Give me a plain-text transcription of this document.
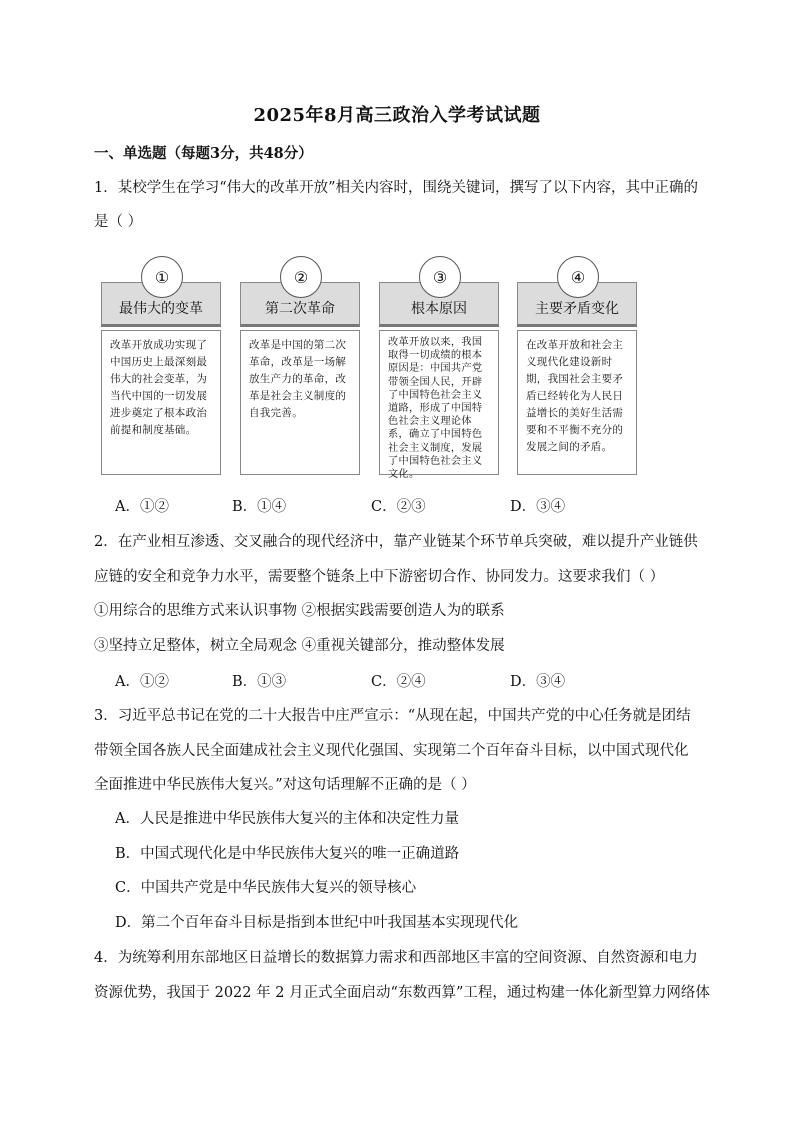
2025年8月高三政治入学考试试题
一、单选题（每题3分，共48分）
1．某校学生在学习“伟大的改革开放”相关内容时，围绕关键词，撰写了以下内容，其中正确的
是（ ）
①
最伟大的变革
改革开放成功实现了中国历史上最深刻最伟大的社会变革，为当代中国的一切发展进步奠定了根本政治前提和制度基础。
②
第二次革命
改革是中国的第二次革命，改革是一场解放生产力的革命，改革是社会主义制度的自我完善。
③
根本原因
改革开放以来，我国取得一切成绩的根本原因是：中国共产党带领全国人民，开辟了中国特色社会主义道路，形成了中国特色社会主义理论体系，确立了中国特色社会主义制度，发展了中国特色社会主义文化。
④
主要矛盾变化
在改革开放和社会主义现代化建设新时期，我国社会主要矛盾已经转化为人民日益增长的美好生活需要和不平衡不充分的发展之间的矛盾。
A．①②	B．①④	C．②③	D．③④
2．在产业相互渗透、交叉融合的现代经济中，靠产业链某个环节单兵突破，难以提升产业链供
应链的安全和竞争力水平，需要整个链条上中下游密切合作、协同发力。这要求我们（ ）
①用综合的思维方式来认识事物 ②根据实践需要创造人为的联系
③坚持立足整体，树立全局观念 ④重视关键部分，推动整体发展
A．①②	B．①③	C．②④	D．③④
3．习近平总书记在党的二十大报告中庄严宣示：“从现在起，中国共产党的中心任务就是团结
带领全国各族人民全面建成社会主义现代化强国、实现第二个百年奋斗目标，以中国式现代化
全面推进中华民族伟大复兴。”对这句话理解不正确的是（ ）
A．人民是推进中华民族伟大复兴的主体和决定性力量
B．中国式现代化是中华民族伟大复兴的唯一正确道路
C．中国共产党是中华民族伟大复兴的领导核心
D．第二个百年奋斗目标是指到本世纪中叶我国基本实现现代化
4．为统筹利用东部地区日益增长的数据算力需求和西部地区丰富的空间资源、自然资源和电力
资源优势，我国于 2022 年 2 月正式全面启动“东数西算”工程，通过构建一体化新型算力网络体
